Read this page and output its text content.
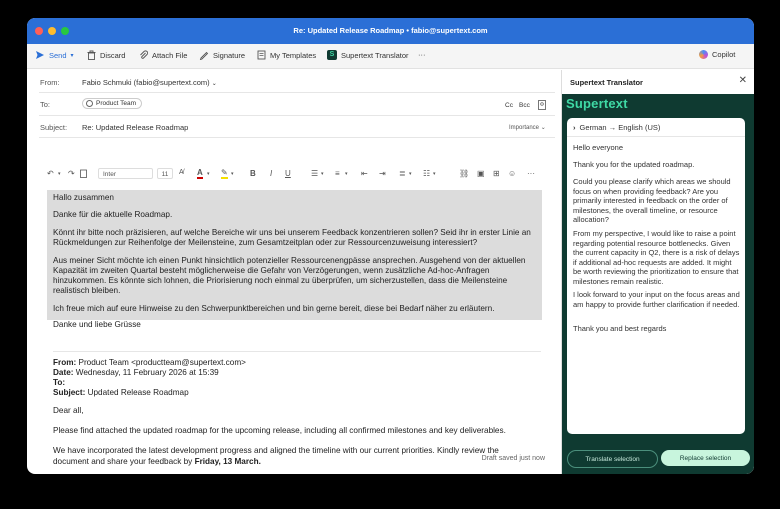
Re: Updated Release Roadmap • fabio@supertext.com
Send ▾	Discard	Attach File	Signature	My Templates	S Supertext Translator ···	Copilot
From:	Fabio Schmuki (fabio@supertext.com) ⌄
To:	Product Team	Cc Bcc
Subject: Re: Updated Release Roadmap	Importance ⌄
↶ ▾ ↷	Inter	11	A̸ A ▾ ✎ ▾ B I U	☰ ▾ ≡ ▾ ⇤ ⇥ ≣ ▾ ☷ ▾	⛓ ▣ ⊞ ☺ ···

Hallo zusammen

Danke für die aktuelle Roadmap.

Könnt ihr bitte noch präzisieren, auf welche Bereiche wir uns bei unserem Feedback konzentrieren sollen? Seid ihr in erster Linie an

Rückmeldungen zur Reihenfolge der Meilensteine, zum Gesamtzeitplan oder zur Ressourcenzuweisung interessiert?

Aus meiner Sicht möchte ich einen Punkt hinsichtlich potenzieller Ressourcenengpässe ansprechen. Ausgehend von der aktuellen

Kapazität im zweiten Quartal besteht möglicherweise die Gefahr von Verzögerungen, wenn zusätzliche Ad-hoc-Anfragen

hinzukommen. Es könnte sich lohnen, die Priorisierung noch einmal zu überprüfen, um sicherzustellen, dass die Meilensteine

realistisch bleiben.

Ich freue mich auf eure Hinweise zu den Schwerpunktbereichen und bin gerne bereit, diese bei Bedarf näher zu erläutern.

Danke und liebe Grüsse
From: Product Team <productteam@supertext.com>
Date: Wednesday, 11 February 2026 at 15:39
To:
Subject: Updated Release Roadmap
Dear all,
Please find attached the updated roadmap for the upcoming release, including all confirmed milestones and key deliverables.
We have incorporated the latest development progress and aligned the timeline with our current priorities. Kindly review the
document and share your feedback by Friday, 13 March.	Draft saved just now
Supertext Translator	✕
Supertext
› German → English (US)

Hello everyone

Thank you for the updated roadmap.

Could you please clarify which areas we should focus on when providing feedback? Are you primarily interested in feedback on the order of milestones, the overall timeline, or resource allocation?

From my perspective, I would like to raise a point regarding potential resource bottlenecks. Given the current capacity in Q2, there is a risk of delays if additional ad-hoc requests are added. It might be worth reviewing the prioritization to ensure that milestones remain realistic.

I look forward to your input on the focus areas and am happy to provide further clarification if needed.

Thank you and best regards

Translate selection	Replace selection
